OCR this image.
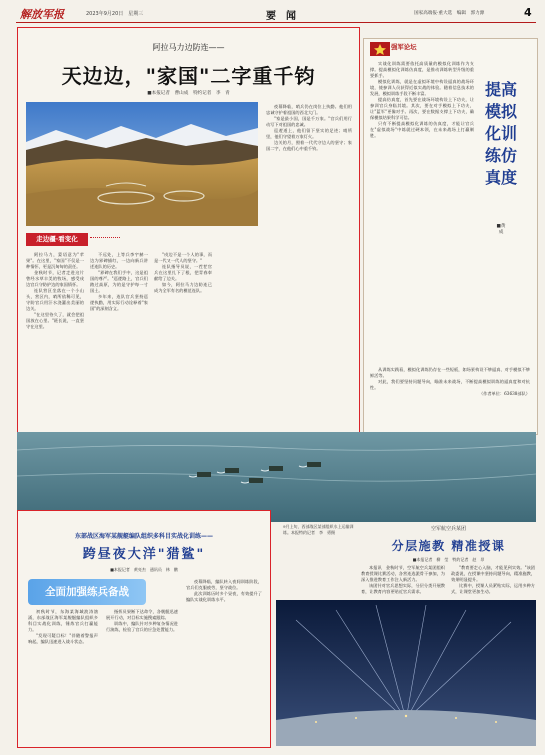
解放军报	2023年9月20日　星期三	要　闻	国家高端报·重大选　编辑　郭力源	4
阿拉马力边防连——
天边边，"家国"二字重千钧
■本报记者　曹山成　特约记者　李　青
走边疆·看变化

阿拉马力，蒙语意为"苹果"。在这里，"家国"不仅是一种情怀，更是沉甸甸的责任。

金秋时节，记者走进这片曾经水草丰美的牧场，感受戍边官兵守防护边的家国情怀。

连队营区坐落在一个小山头，营区内，哨所依稀可见，守防官兵用汗水浇灌出美丽的边关。

"在这里待久了，就会把祖国放在心里。"班长说，一直坚守在这里。

不远处，上等兵李宇赫一边为界碑描红，一边向新兵讲述连队的历史。

"界碑在我们手中，这是祖国的尊严。"巡逻路上，官兵们踏过高原，为的是守护每一寸国土。

多年来，连队官兵坚持巡逻执勤，用实际行动诠释着"家国"的深刻含义。

"戍边不是一个人的事，而是一代又一代人的坚守。"

连队指导员说，一茬茬官兵在这里扎下了根，把青春奉献给了边关。

如今，阿拉马力边防连已成为全军有名的模范连队。

夜幕降临，哨兵仍在岗位上执勤。他们用忠诚守护着祖国的西北大门。

"家是最小国，国是千万家。"官兵们用行动写下对祖国的忠诚。

巡逻道上，他们留下坚实的足迹；哨所里，他们守望着万家灯火。

边关的月，照着一代代守边人的坚守；家国二字，在他们心中重千钧。

强军论坛
提高模拟化训练仿真度
■黄　成

实战化训练需要依托高质量的模拟化训练作为支撑。提高模拟化训练仿真度，是推动训练转型升级的重要抓手。

模拟化训练，就是在虚拟环境中构设逼真的战场环境，使参训人员获得近似实战的体验。随着信息技术的发展，模拟训练手段不断丰富。

提高仿真度，首先要在战场环境构设上下功夫，让参训官兵身临其境。其次，要在对手模拟上下功夫，让"蓝军"更像对手。再次，要在数据支撑上下功夫，确保模拟结果科学可信。

只有不断提高模拟化训练的仿真度，才能让官兵在"虚拟战场"中练就过硬本领，在未来战场上打赢制胜。

从训练实践看，模拟化训练仍存在一些短板，如场景构设不够逼真、对手模拟不够鲜活等。

对此，我们要坚持问题导向，瞄准未来战场，不断提高模拟训练的逼真度和对抗性。

（作者单位：63638部队）

9月上旬，西部战区某部组织水上运输训练。本报特约记者　李　勇摄	空军航空兵某团
分层施教 精准授课
■本报记者　柳　莹　特约记者　赵　昂

本报讯　金秋时节，空军航空兵某团组织教育授课比赛活动，各营连选派骨干参加，为深入推进教育工作注入新活力。

该团针对官兵思想实际，分层分类开展教育，让教育内容更贴近官兵需求。

"教育要走心入脑，才能见到实效。"该团政委说，在授课中坚持问题导向，精准施教，效果明显提升。

比赛中，授课人员紧贴实际，运用多种方式，让课堂更加生动。

东部战区海军某舰艇编队组织多科目实战化训练——
跨昼夜大洋"猎鲨"
■本报记者　黄亮杰　通讯员　林　鹏
全面加强练兵备战

初秋时节，东海某海域波涛汹涌，东部战区海军某舰艇编队组织多科目实战化训练，锤炼官兵打赢能力。

"发现可疑目标！"伴随着警报声响起，编队迅速进入战斗状态。

指挥员果断下达命令，各舰艇迅速展开行动，对目标实施搜索跟踪。

训练中，编队针对多种复杂情况进行演练，检验了官兵的应急处置能力。

夜幕降临，编队转入夜间训练阶段，官兵们克服疲劳，坚守战位。

此次训练历时多个昼夜，有效提升了编队实战化训练水平。
